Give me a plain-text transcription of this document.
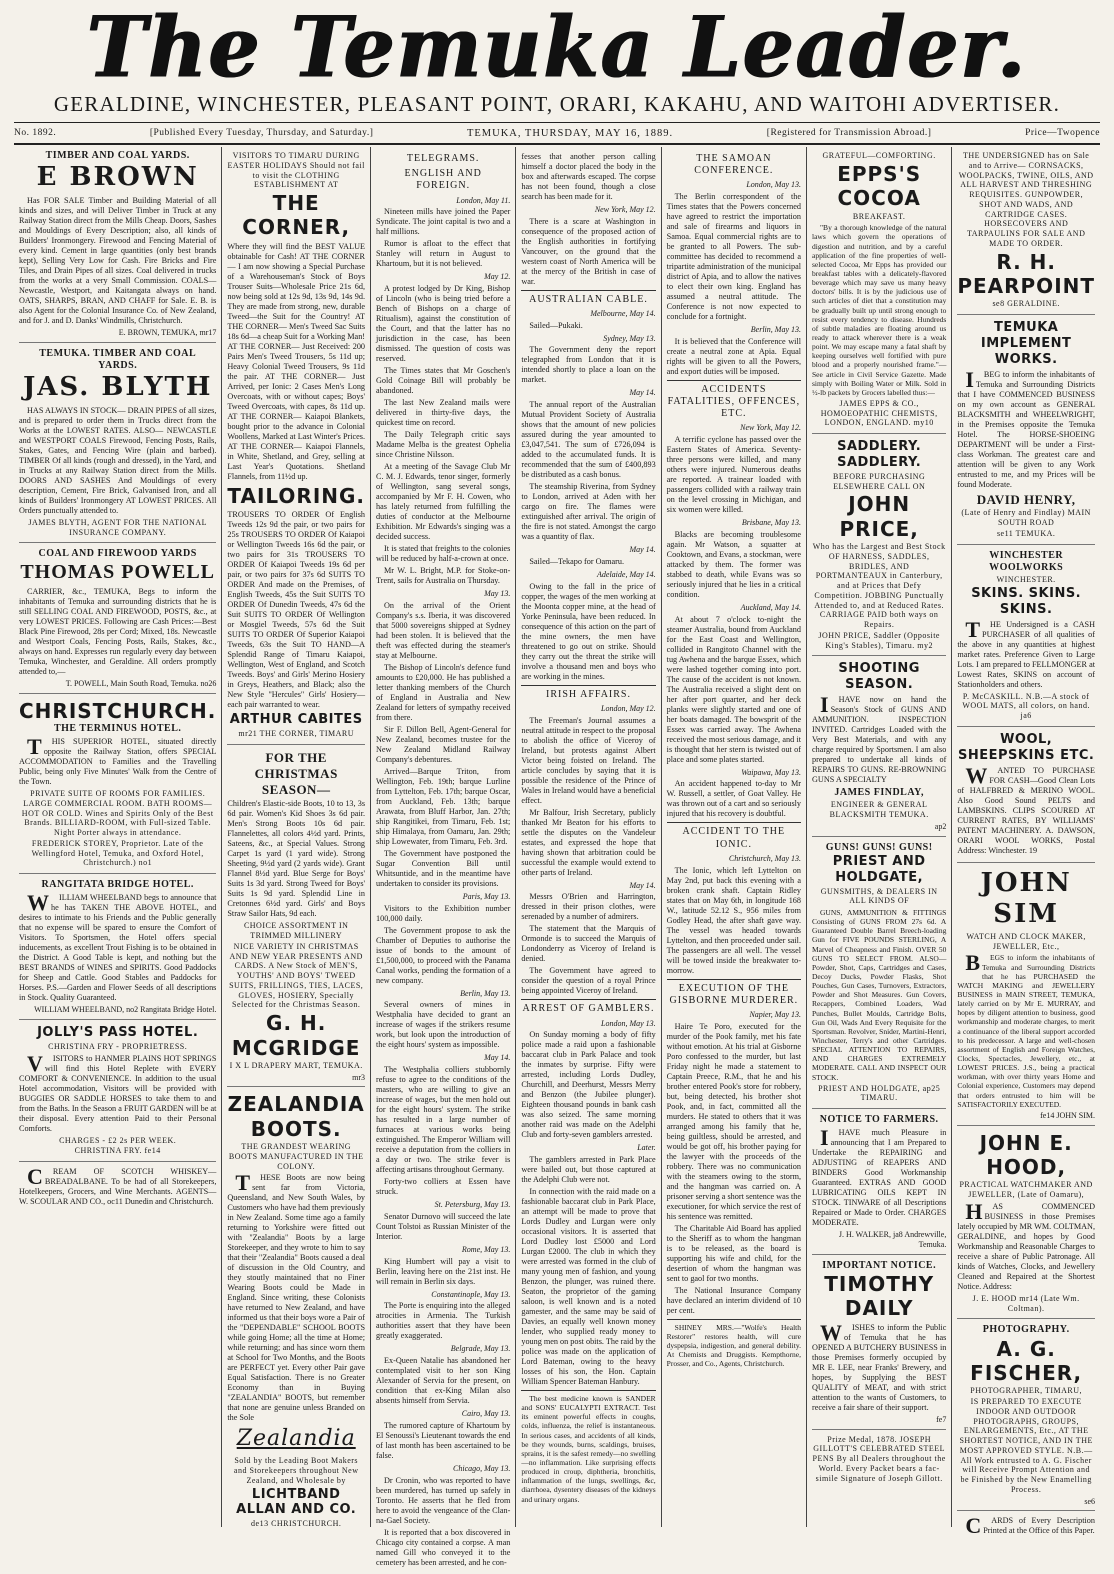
The Temuka Leader.
GERALDINE, WINCHESTER, PLEASANT POINT, ORARI, KAKAHU, AND WAITOHI ADVERTISER.
No. 1892.	[Published Every Tuesday, Thursday, and Saturday.]	TEMUKA, THURSDAY, MAY 16, 1889.	[Registered for Transmission Abroad.]	Price—Twopence
TIMBER AND COAL YARDS.
E BROWN
Has FOR SALE Timber and Building Material of all kinds and sizes, and will Deliver Timber in Truck at any Railway Station direct from the Mills Cheap. Doors, Sashes and Mouldings of Every Description; also, all kinds of Builders' Ironmongery. Firewood and Fencing Material of every kind. Cement in large quantities (only best brands kept), Selling Very Low for Cash. Fire Bricks and Fire Tiles, and Drain Pipes of all sizes. Coal delivered in trucks from the works at a very Small Commission. COALS—Newcastle, Westport, and Kaitangata always on hand. OATS, SHARPS, BRAN, AND CHAFF for Sale. E. B. is also Agent for the Colonial Insurance Co. of New Zealand, and for J. and D. Danks' Windmills, Christchurch.
E. BROWN, TEMUKA, mr17
TEMUKA. TIMBER AND COAL YARDS.
JAS. BLYTH
HAS ALWAYS IN STOCK— DRAIN PIPES of all sizes, and is prepared to order them in Trucks direct from the Works at the LOWEST RATES. ALSO— NEWCASTLE and WESTPORT COALS Firewood, Fencing Posts, Rails, Stakes, Gates, and Fencing Wire (plain and barbed). TIMBER Of all kinds (rough and dressed), in the Yard, and in Trucks at any Railway Station direct from the Mills. DOORS AND SASHES And Mouldings of every description, Cement, Fire Brick, Galvanised Iron, and all kinds of Builders' Ironmongery AT LOWEST PRICES. All Orders punctually attended to.
JAMES BLYTH, AGENT FOR THE NATIONAL INSURANCE COMPANY.
COAL AND FIREWOOD YARDS
THOMAS POWELL
CARRIER, &c., TEMUKA, Begs to inform the inhabitants of Temuka and surrounding districts that he is still SELLING COAL AND FIREWOOD, POSTS, &c., at very LOWEST PRICES. Following are Cash Prices:—Best Black Pine Firewood, 28s per Cord; Mixed, 18s. Newcastle and Westport Coals, Fencing Posts, Rails, Stakes, &c., always on hand. Expresses run regularly every day between Temuka, Winchester, and Geraldine. All orders promptly attended to,—
T. POWELL, Main South Road, Temuka. no26
CHRISTCHURCH.
THE TERMINUS HOTEL.
THIS SUPERIOR HOTEL, situated directly opposite the Railway Station, offers SPECIAL ACCOMMODATION to Families and the Travelling Public, being only Five Minutes' Walk from the Centre of the Town.
PRIVATE SUITE OF ROOMS FOR FAMILIES. LARGE COMMERCIAL ROOM. BATH ROOMS—HOT OR COLD. Wines and Spirits Only of the Best Brands. BILLIARD-ROOM, with Full-sized Table. Night Porter always in attendance.
FREDERICK STOREY, Proprietor. Late of the Wellingford Hotel, Temuka, and Oxford Hotel, Christchurch.) no1
RANGITATA BRIDGE HOTEL.
WILLIAM WHEELBAND begs to announce that he has TAKEN THE ABOVE HOTEL, and desires to intimate to his Friends and the Public generally that no expense will be spared to ensure the Comfort of Visitors. To Sportsmen, the Hotel offers special inducements, as excellent Trout Fishing is to be obtained in the District. A Good Table is kept, and nothing but the BEST BRANDS of WINES and SPIRITS. Good Paddocks for Sheep and Cattle. Good Stables and Paddocks for Horses. P.S.—Garden and Flower Seeds of all descriptions in Stock. Quality Guaranteed.
WILLIAM WHEELBAND, no2 Rangitata Bridge Hotel.
JOLLY'S PASS HOTEL.
CHRISTINA FRY - PROPRIETRESS.
VISITORS to HANMER PLAINS HOT SPRINGS will find this Hotel Replete with EVERY COMFORT & CONVENIENCE. In addition to the usual Hotel accommodation, Visitors will be provided with BUGGIES OR SADDLE HORSES to take them to and from the Baths. In the Season a FRUIT GARDEN will be at their disposal. Every attention Paid to their Personal Comforts.
CHARGES - £2 2s PER WEEK.
CHRISTINA FRY. fe14
CREAM OF SCOTCH WHISKEY— BREADALBANE. To be had of all Storekeepers, Hotelkeepers, Grocers, and Wine Merchants. AGENTS— W. SCOULAR AND CO., oc11 Dunedin and Christchurch.
VISITORS TO TIMARU DURING EASTER HOLIDAYS Should not fail to visit the CLOTHING ESTABLISHMENT AT
THE CORNER,
Where they will find the BEST VALUE obtainable for Cash! AT THE CORNER— I am now showing a Special Purchase of a Warehouseman's Stock of Boys Trouser Suits—Wholesale Price 21s 6d, now being sold at 12s 9d, 13s 9d, 14s 9d. They are made from strong, new, durable Tweed—the Suit for the Country! AT THE CORNER— Men's Tweed Sac Suits 18s 6d—a cheap Suit for a Working Man! AT THE CORNER— Just Received: 200 Pairs Men's Tweed Trousers, 5s 11d up; Heavy Colonial Tweed Trousers, 9s 11d the pair. AT THE CORNER— Just Arrived, per Ionic: 2 Cases Men's Long Overcoats, with or without capes; Boys' Tweed Overcoats, with capes, 8s 11d up. AT THE CORNER— Kaiapoi Blankets, bought prior to the advance in Colonial Woollens, Marked at Last Winter's Prices. AT THE CORNER— Kaiapoi Flannels, in White, Shetland, and Grey, selling at Last Year's Quotations. Shetland Flannels, from 11½d up.
TAILORING.
TROUSERS TO ORDER Of English Tweeds 12s 9d the pair, or two pairs for 25s TROUSERS TO ORDER Of Kaiapoi or Wellington Tweeds 16s 6d the pair, or two pairs for 31s TROUSERS TO ORDER Of Kaiapoi Tweeds 19s 6d per pair, or two pairs for 37s 6d SUITS TO ORDER And made on the Premises, of English Tweeds, 45s the Suit SUITS TO ORDER Of Dunedin Tweeds, 47s 6d the Suit SUITS TO ORDER Of Wellington or Mosgiel Tweeds, 57s 6d the Suit SUITS TO ORDER Of Superior Kaiapoi Tweeds, 63s the Suit TO HAND—A Splendid Range of Timaru Kaiapoi, Wellington, West of England, and Scotch Tweeds. Boys' and Girls' Merino Hosiery in Greys, Heathers, and Black; also the New Style "Hercules" Girls' Hosiery—each pair warranted to wear.
ARTHUR CABITES
mr21 THE CORNER, TIMARU
FOR THE CHRISTMAS SEASON—
Children's Elastic-side Boots, 10 to 13, 3s 6d pair. Women's Kid Shoes 3s 6d pair. Men's Strong Boots 10s 6d pair. Flannelettes, all colors 4½d yard. Prints, Sateens, &c., at Special Values. Strong Carpet 1s yard (1 yard wide). Strong Sheeting, 9½d yard (2 yards wide). Grant Flannel 8½d yard. Blue Serge for Boys' Suits 1s 3d yard. Strong Tweed for Boys' Suits 1s 9d yard. Splendid Line in Cretonnes 6½d yard. Girls' and Boys Straw Sailor Hats, 9d each.
CHOICE ASSORTMENT IN TRIMMED MILLINERY
NICE VARIETY IN CHRISTMAS AND NEW YEAR PRESENTS AND CARDS. A New Stock of MEN'S, YOUTHS' AND BOYS' TWEED SUITS, FRILLINGS, TIES, LACES, GLOVES, HOSIERY, Specially Selected for the Christmas Season.
G. H. MCGRIDGE
I X L DRAPERY MART, TEMUKA.
mr3
ZEALANDIA BOOTS.
THE GRANDEST WEARING BOOTS MANUFACTURED IN THE COLONY.
THESE Boots are now being sent far from Victoria, Queensland, and New South Wales, by Customers who have had them previously in New Zealand. Some time ago a family returning to Yorkshire were fitted out with "Zealandia" Boots by a large Storekeeper, and they wrote to him to say that their "Zealandia" Boots caused a deal of discussion in the Old Country, and they stoutly maintained that no Finer Wearing Boots could be Made in England. Since writing, these Colonists have returned to New Zealand, and have informed us that their boys wore a Pair of the "DEPENDABLE" SCHOOL BOOTS while going Home; all the time at Home; while returning; and has since worn them at School for Two Months, and the Boots are PERFECT yet. Every other Pair gave Equal Satisfaction. There is no Greater Economy than in Buying "ZEALANDIA" BOOTS, but remember that none are genuine unless Branded on the Sole
Zealandia
Sold by the Leading Boot Makers and Storekeepers throughout New Zealand, and Wholesale by
LICHTBAND ALLAN AND CO.
de13 CHRISTCHURCH.
TELEGRAMS.
ENGLISH AND FOREIGN.
London, May 11.
Nineteen mills have joined the Paper Syndicate. The joint capital is two and a half millions.
Rumor is afloat to the effect that Stanley will return in August to Khartoum, but it is not believed.
May 12.
A protest lodged by Dr King, Bishop of Lincoln (who is being tried before a Bench of Bishops on a charge of Ritualism), against the constitution of the Court, and that the latter has no jurisdiction in the case, has been dismissed. The question of costs was reserved.
The Times states that Mr Goschen's Gold Coinage Bill will probably be abandoned.
The last New Zealand mails were delivered in thirty-five days, the quickest time on record.
The Daily Telegraph critic says Madame Melba is the greatest Ophelia since Christine Nilsson.
At a meeting of the Savage Club Mr C. M. J. Edwards, tenor singer, formerly of Wellington, sang several songs, accompanied by Mr F. H. Cowen, who has lately returned from fulfilling the duties of conductor at the Melbourne Exhibition. Mr Edwards's singing was a decided success.
It is stated that freights to the colonies will be reduced by half-a-crown at once.
Mr W. L. Bright, M.P. for Stoke-on-Trent, sails for Australia on Thursday.
May 13.
On the arrival of the Orient Company's s.s. Iberia, it was discovered that 5000 sovereigns shipped at Sydney had been stolen. It is believed that the theft was effected during the steamer's stay at Melbourne.
The Bishop of Lincoln's defence fund amounts to £20,000. He has published a letter thanking members of the Church of England in Australia and New Zealand for letters of sympathy received from there.
Sir F. Dillon Bell, Agent-General for New Zealand, becomes trustee for the New Zealand Midland Railway Company's debentures.
Arrived—Barque Triton, from Wellington, Feb. 19th; barque Lurline from Lyttelton, Feb. 17th; barque Oscar, from Auckland, Feb. 13th; barque Arawata, from Bluff Harbor, Jan. 27th; ship Rangitikei, from Timaru, Feb. 1st; ship Himalaya, from Oamaru, Jan. 29th; ship Lowewater, from Timaru, Feb. 3rd.
The Government have postponed the Sugar Convention Bill until Whitsuntide, and in the meantime have undertaken to consider its provisions.
Paris, May 13.
Visitors to the Exhibition number 100,000 daily.
The Government propose to ask the Chamber of Deputies to authorise the issue of bonds to the amount of £1,500,000, to proceed with the Panama Canal works, pending the formation of a new company.
Berlin, May 13.
Several owners of mines in Westphalia have decided to grant an increase of wages if the strikers resume work, but look upon the introduction of the eight hours' system as impossible.
May 14.
The Westphalia colliers stubbornly refuse to agree to the conditions of the masters, who are willing to give an increase of wages, but the men hold out for the eight hours' system. The strike has resulted in a large number of furnaces at various works being extinguished. The Emperor William will receive a deputation from the colliers in a day or two. The strike fever is affecting artisans throughout Germany.
Forty-two colliers at Essen have struck.
St. Petersburg, May 13.
Senator Durnovo will succeed the late Count Tolstoi as Russian Minister of the Interior.
Rome, May 13.
King Humbert will pay a visit to Berlin, leaving here on the 21st inst. He will remain in Berlin six days.
Constantinople, May 13.
The Porte is enquiring into the alleged atrocities in Armenia. The Turkish authorities assert that they have been greatly exaggerated.
Belgrade, May 13.
Ex-Queen Natalie has abandoned her contemplated visit to her son King Alexander of Servia for the present, on condition that ex-King Milan also absents himself from Servia.
Cairo, May 13.
The rumored capture of Khartoum by El Senoussi's Lieutenant towards the end of last month has been ascertained to be false.
Chicago, May 13.
Dr Cronin, who was reported to have been murdered, has turned up safely in Toronto. He asserts that he fled from here to avoid the vengeance of the Clan-na-Gael Society.
It is reported that a box discovered in Chicago city contained a corpse. A man named Gill who conveyed it to the cemetery has been arrested, and he con-
fesses that another person calling himself a doctor placed the body in the box and afterwards escaped. The corpse has not been found, though a close search has been made for it.
New York, May 12.
There is a scare at Washington in consequence of the proposed action of the English authorities in fortifying Vancouver, on the ground that the western coast of North America will be at the mercy of the British in case of war.
AUSTRALIAN CABLE.
Melbourne, May 14.
Sailed—Pukaki.
Sydney, May 13.
The Government deny the report telegraphed from London that it is intended shortly to place a loan on the market.
May 14.
The annual report of the Australian Mutual Provident Society of Australia shows that the amount of new policies assured during the year amounted to £3,047,541. The sum of £726,094 is added to the accumulated funds. It is recommended that the sum of £400,893 be distributed as a cash bonus.
The steamship Riverina, from Sydney to London, arrived at Aden with her cargo on fire. The flames were extinguished after arrival. The origin of the fire is not stated. Amongst the cargo was a quantity of flax.
May 14.
Sailed—Tekapo for Oamaru.
Adelaide, May 14.
Owing to the fall in the price of copper, the wages of the men working at the Moonta copper mine, at the head of Yorke Peninsula, have been reduced. In consequence of this action on the part of the mine owners, the men have threatened to go out on strike. Should they carry out the threat the strike will involve a thousand men and boys who are working in the mines.
IRISH AFFAIRS.
London, May 12.
The Freeman's Journal assumes a neutral attitude in respect to the proposal to abolish the office of Viceroy of Ireland, but protests against Albert Victor being foisted on Ireland. The article concludes by saying that it is possible the residence of the Prince of Wales in Ireland would have a beneficial effect.
Mr Balfour, Irish Secretary, publicly thanked Mr Beaton for his efforts to settle the disputes on the Vandeleur estates, and expressed the hope that having shown that arbitration could be successful the example would extend to other parts of Ireland.
May 14.
Messrs O'Brien and Harrington, dressed in their prison clothes, were serenaded by a number of admirers.
The statement that the Marquis of Ormonde is to succeed the Marquis of Londonderry as Viceroy of Ireland is denied.
The Government have agreed to consider the question of a royal Prince being appointed Viceroy of Ireland.
ARREST OF GAMBLERS.
London, May 13.
On Sunday morning a body of fifty police made a raid upon a fashionable baccarat club in Park Palace and took the inmates by surprise. Fifty were arrested, including Lords Dudley, Churchill, and Deerhurst, Messrs Merry and Benzon (the Jubilee plunger). Eighteen thousand pounds in bank cash was also seized. The same morning another raid was made on the Adelphi Club and forty-seven gamblers arrested.
Later.
The gamblers arrested in Park Place were bailed out, but those captured at the Adelphi Club were not.
In connection with the raid made on a fashionable baccarat club in Park Place, an attempt will be made to prove that Lords Dudley and Lurgan were only occasional visitors. It is asserted that Lord Dudley lost £5000 and Lord Lurgan £2000. The club in which they were arrested was formed in the club of many young men of fashion, and young Benzon, the plunger, was ruined there. Seaton, the proprietor of the gaming saloon, is well known and is a noted gamester, and the same may be said of Davies, an equally well known money lender, who supplied ready money to young men on post obits. The raid by the police was made on the application of Lord Bateman, owing to the heavy losses of his son, the Hon. Captain William Spencer Bateman Hanbury.
The best medicine known is SANDER and SONS' EUCALYPTI EXTRACT. Test its eminent powerful effects in coughs, colds, influenza, the relief is instantaneous. In serious cases, and accidents of all kinds, be they wounds, burns, scaldings, bruises, sprains, it is the safest remedy—no swelling—no inflammation. Like surprising effects produced in croup, diphtheria, bronchitis, inflammation of the lungs, swellings, &c, diarrhoea, dysentery diseases of the kidneys and urinary organs.
THE SAMOAN CONFERENCE.
London, May 13.
The Berlin correspondent of the Times states that the Powers concerned have agreed to restrict the importation and sale of firearms and liquors in Samoa. Equal commercial rights are to be granted to all Powers. The sub-committee has decided to recommend a tripartite administration of the municipal district of Apia, and to allow the natives to elect their own king. England has assumed a neutral attitude. The Conference is not now expected to conclude for a fortnight.
Berlin, May 13.
It is believed that the Conference will create a neutral zone at Apia. Equal rights will be given to all the Powers, and export duties will be imposed.
ACCIDENTS FATALITIES, OFFENCES, ETC.
New York, May 12.
A terrific cyclone has passed over the Eastern States of America. Seventy-three persons were killed, and many others were injured. Numerous deaths are reported. A trainear loaded with passengers collided with a railway train on the level crossing in Michigan, and six women were killed.
Brisbane, May 13.
Blacks are becoming troublesome again. Mr Watson, a squatter at Cooktown, and Evans, a stockman, were attacked by them. The former was stabbed to death, while Evans was so seriously injured that he lies in a critical condition.
Auckland, May 14.
At about 7 o'clock to-night the steamer Australia, bound from Auckland for the East Coast and Wellington, collided in Rangitoto Channel with the tug Awhena and the barque Essex, which were lashed together coming into port. The cause of the accident is not known. The Australia received a slight dent on her after port quarter, and her deck planks were slightly started and one of her boats damaged. The bowsprit of the Essex was carried away. The Awhena received the most serious damage, and it is thought that her stern is twisted out of place and some plates started.
Waipawa, May 13.
An accident happened to-day to Mr W. Russell, a settler, of Goat Valley. He was thrown out of a cart and so seriously injured that his recovery is doubtful.
ACCIDENT TO THE IONIC.
Christchurch, May 13.
The Ionic, which left Lyttelton on May 2nd, put back this evening with a broken crank shaft. Captain Ridley states that on May 6th, in longitude 168 W., latitude 52.12 S., 956 miles from Godley Head, the after shaft gave way. The vessel was headed towards Lyttelton, and then proceeded under sail. The passengers are all well. The vessel will be towed inside the breakwater to-morrow.
EXECUTION OF THE GISBORNE MURDERER.
Napier, May 13.
Haire Te Poro, executed for the murder of the Pook family, met his fate without emotion. At his trial at Gisborne Poro confessed to the murder, but last Friday night he made a statement to Captain Preece, R.M., that he and his brother entered Pook's store for robbery, but, being detected, his brother shot Pook, and, in fact, committed all the murders. He stated to others that it was arranged among his family that he, being guiltless, should be arrested, and would be got off, his brother paying for the lawyer with the proceeds of the robbery. There was no communication with the steamers owing to the storm, and the hangman was carried on. A prisoner serving a short sentence was the executioner, for which service the rest of his sentence was remitted.
The Charitable Aid Board has applied to the Sheriff as to whom the hangman is to be released, as the board is supporting his wife and child, for the desertion of whom the hangman was sent to gaol for two months.
The National Insurance Company have declared an interim dividend of 10 per cent.
SHINEY MRS.—"Wolfe's Health Restorer" restores health, will cure dyspepsia, indigestion, and general debility. At Chemists and Druggists. Kempthorne, Prosser, and Co., Agents, Christchurch.
GRATEFUL—COMFORTING.
EPPS'S COCOA
BREAKFAST.
"By a thorough knowledge of the natural laws which govern the operations of digestion and nutrition, and by a careful application of the fine properties of well-selected Cocoa, Mr Epps has provided our breakfast tables with a delicately-flavored beverage which may save us many heavy doctors' bills. It is by the judicious use of such articles of diet that a constitution may be gradually built up until strong enough to resist every tendency to disease. Hundreds of subtle maladies are floating around us ready to attack wherever there is a weak point. We may escape many a fatal shaft by keeping ourselves well fortified with pure blood and a properly nourished frame."—See article in Civil Service Gazette. Made simply with Boiling Water or Milk. Sold in ½-lb packets by Grocers labelled thus:—
JAMES EPPS & CO., HOMOEOPATHIC CHEMISTS, LONDON, ENGLAND. my10
SADDLERY. SADDLERY.
BEFORE PURCHASING ELSEWHERE CALL ON
JOHN PRICE,
Who has the Largest and Best Stock OF HARNESS, SADDLES, BRIDLES, AND PORTMANTEAUX in Canterbury, and at Prices that Defy Competition. JOBBING Punctually Attended to, and at Reduced Rates. CARRIAGE PAID both ways on Repairs.
JOHN PRICE, Saddler (Opposite King's Stables), Timaru. my2
SHOOTING SEASON.
IHAVE now on hand the Season's Stock of GUNS AND AMMUNITION. INSPECTION INVITED. Cartridges Loaded with the Very Best Materials, and with any charge required by Sportsmen. I am also prepared to undertake all kinds of REPAIRS TO GUNS. RE-BROWNING GUNS A SPECIALTY
JAMES FINDLAY,
ENGINEER & GENERAL BLACKSMITH TEMUKA.
ap2
GUNS! GUNS! GUNS!
PRIEST AND HOLDGATE,
GUNSMITHS, & DEALERS IN ALL KINDS OF
GUNS, AMMUNITION & FITTINGS Consisting of GUNS FROM 27s 6d. A Guaranteed Double Barrel Breech-loading Gun for FIVE POUNDS STERLING, A Marvel of Cheapness and Finish. OVER 50 GUNS TO SELECT FROM. ALSO— Powder, Shot, Caps, Cartridges and Cases, Decoy Ducks, Powder Flasks, Shot Pouches, Gun Cases, Turnovers, Extractors, Powder and Shot Measures. Gun Covers, Recappers, Combined Loaders, Wad Punches, Bullet Moulds, Cartridge Bolts, Gun Oil, Wads And Every Requisite for the Sportsman. Revolver, Snider, Martini-Henri, Winchester, Terry's and other Cartridges. SPECIAL ATTENTION TO REPAIRS, AND CHARGES EXTREMELY MODERATE. CALL AND INSPECT OUR STOCK.
PRIEST AND HOLDGATE, ap25 TIMARU.
NOTICE TO FARMERS.
IHAVE much Pleasure in announcing that I am Prepared to Undertake the REPAIRING and ADJUSTING of REAPERS AND BINDERS Good Workmanship Guaranteed. EXTRAS AND GOOD LUBRICATING OILS KEPT IN STOCK. TINWARE of all Descriptions Repaired or Made to Order. CHARGES MODERATE.
J. H. WALKER, ja8 Andrewville, Temuka.
IMPORTANT NOTICE.
TIMOTHY DAILY
WISHES to inform the Public of Temuka that he has OPENED A BUTCHERY BUSINESS in those Premises formerly occupied by MR E. LEE, near Franks' Brewery, and hopes, by Supplying the BEST QUALITY of MEAT, and with strict attention to the wants of Customers, to receive a fair share of their support.
fe7
Prize Medal, 1878. JOSEPH GILLOTT'S CELEBRATED STEEL PENS By all Dealers throughout the World. Every Packet bears a fac-simile Signature of Joseph Gillott.
THE UNDERSIGNED has on Sale and to Arrive— CORNSACKS, WOOLPACKS, TWINE, OILS, AND ALL HARVEST AND THRESHING REQUISITES. GUNPOWDER, SHOT AND WADS, AND CARTRIDGE CASES. HORSECOVERS AND TARPAULINS FOR SALE AND MADE TO ORDER.
R. H. PEARPOINT
se8 GERALDINE.
TEMUKA IMPLEMENT WORKS.
IBEG to inform the inhabitants of Temuka and Surrounding Districts that I have COMMENCED BUSINESS on my own account as GENERAL BLACKSMITH and WHEELWRIGHT, in the Premises opposite the Temuka Hotel. The HORSE-SHOEING DEPARTMENT will be under a First-class Workman. The greatest care and attention will be given to any Work entrusted to me, and my Prices will be found Moderate.
DAVID HENRY,
(Late of Henry and Findlay) MAIN SOUTH ROAD
se11 TEMUKA.
WINCHESTER WOOLWORKS
WINCHESTER.
SKINS. SKINS. SKINS.
THE Undersigned is a CASH PURCHASER of all qualities of the above in any quantities at highest market rates. Preference Given to Large Lots. I am prepared to FELLMONGER at Lowest Rates, SKINS on account of Stationholders and others.
P. McCASKILL. N.B.—A stock of WOOL MATS, all colors, on hand. ja6
WOOL, SHEEPSKINS ETC.
WANTED TO PURCHASE FOR CASH—Good Clean Lots of HALFBRED & MERINO WOOL. Also Good Sound PELTS and LAMBSKINS. CLIPS SCOURED AT CURRENT RATES, BY WILLIAMS' PATENT MACHINERY. A. DAWSON, ORARI WOOL WORKS, Postal Address: Winchester. 19
JOHN SIM
WATCH AND CLOCK MAKER, JEWELLER, Etc.,
BEGS to inform the inhabitants of Temuka and Surrounding Districts that he has PURCHASED the WATCH MAKING and JEWELLERY BUSINESS in MAIN STREET, TEMUKA, lately carried on by Mr E. MURRAY, and hopes by diligent attention to business, good workmanship and moderate charges, to merit a continuance of the liberal support accorded to his predecessor. A large and well-chosen assortment of English and Foreign Watches, Clocks, Spectacles, Jewellery, etc., at LOWEST PRICES. J.S., being a practical workman, with over thirty years Home and Colonial experience, Customers may depend that orders entrusted to him will be SATISFACTORILY EXECUTED.
fe14 JOHN SIM.
JOHN E. HOOD,
PRACTICAL WATCHMAKER AND JEWELLER, (Late of Oamaru),
HAS COMMENCED BUSINESS in those Premises lately occupied by MR WM. COLTMAN, GERALDINE, and hopes by Good Workmanship and Reasonable Charges to receive a share of Public Patronage. All kinds of Watches, Clocks, and Jewellery Cleaned and Repaired at the Shortest Notice. Address:
J. E. HOOD mr14 (Late Wm. Coltman).
PHOTOGRAPHY.
A. G. FISCHER,
PHOTOGRAPHER, TIMARU,
IS PREPARED TO EXECUTE INDOOR AND OUTDOOR PHOTOGRAPHS, GROUPS, ENLARGEMENTS, Etc., AT THE SHORTEST NOTICE, AND IN THE MOST APPROVED STYLE. N.B.—All Work entrusted to A. G. Fischer will Receive Prompt Attention and be Finished by the New Enamelling Process.
se6
CARDS of Every Description Printed at the Office of this Paper.
